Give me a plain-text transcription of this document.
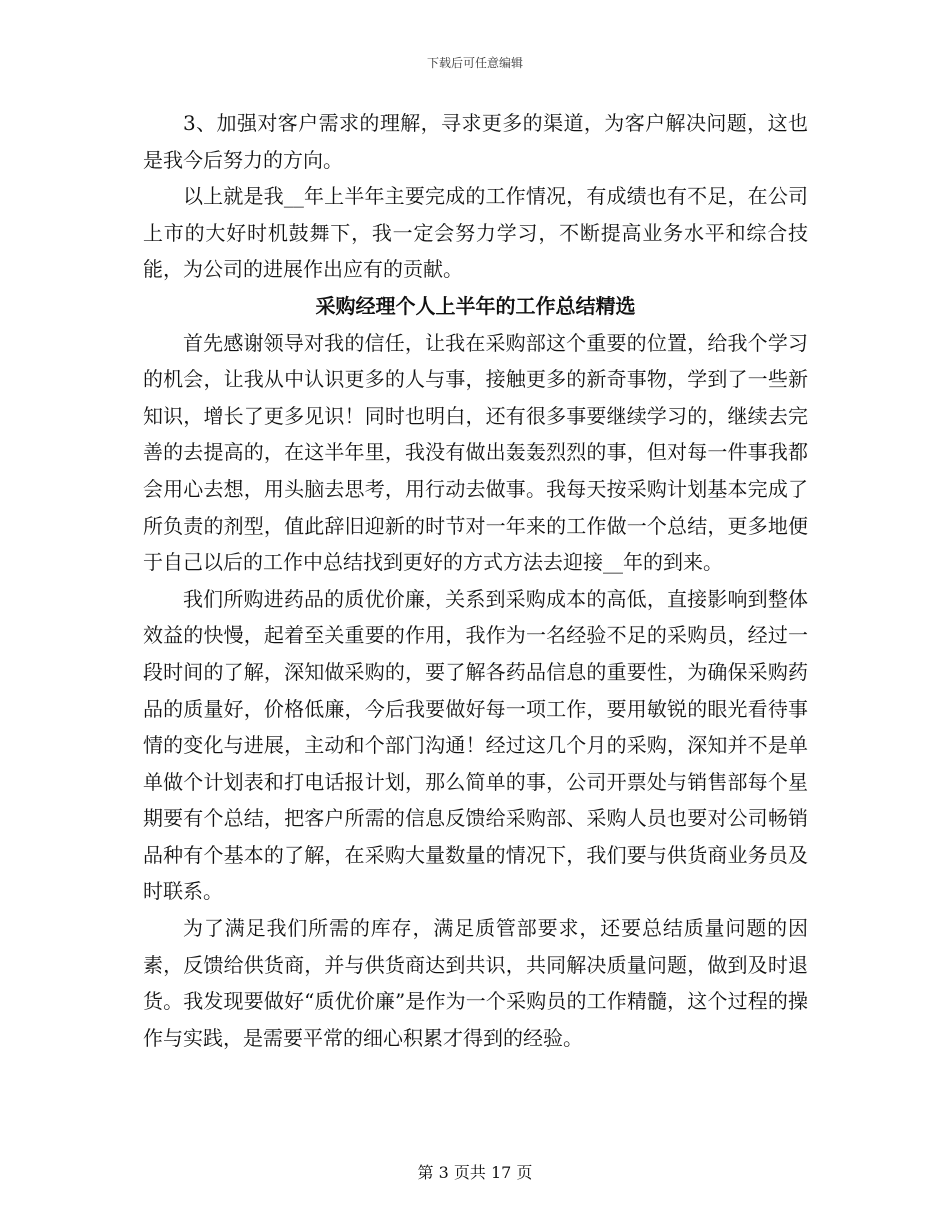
下载后可任意编辑

3、加强对客户需求的理解，寻求更多的渠道，为客户解决问题，这也是我今后努力的方向。

以上就是我__年上半年主要完成的工作情况，有成绩也有不足，在公司上市的大好时机鼓舞下，我一定会努力学习，不断提高业务水平和综合技能，为公司的进展作出应有的贡献。

采购经理个人上半年的工作总结精选

首先感谢领导对我的信任，让我在采购部这个重要的位置，给我个学习的机会，让我从中认识更多的人与事，接触更多的新奇事物，学到了一些新知识，增长了更多见识！同时也明白，还有很多事要继续学习的，继续去完善的去提高的，在这半年里，我没有做出轰轰烈烈的事，但对每一件事我都会用心去想，用头脑去思考，用行动去做事。我每天按采购计划基本完成了所负责的剂型，值此辞旧迎新的时节对一年来的工作做一个总结，更多地便于自己以后的工作中总结找到更好的方式方法去迎接__年的到来。

我们所购进药品的质优价廉，关系到采购成本的高低，直接影响到整体效益的快慢，起着至关重要的作用，我作为一名经验不足的采购员，经过一段时间的了解，深知做采购的，要了解各药品信息的重要性，为确保采购药品的质量好，价格低廉，今后我要做好每一项工作，要用敏锐的眼光看待事情的变化与进展，主动和个部门沟通！经过这几个月的采购，深知并不是单单做个计划表和打电话报计划，那么简单的事，公司开票处与销售部每个星期要有个总结，把客户所需的信息反馈给采购部、采购人员也要对公司畅销品种有个基本的了解，在采购大量数量的情况下，我们要与供货商业务员及时联系。

为了满足我们所需的库存，满足质管部要求，还要总结质量问题的因素，反馈给供货商，并与供货商达到共识，共同解决质量问题，做到及时退货。我发现要做好“质优价廉”是作为一个采购员的工作精髓，这个过程的操作与实践，是需要平常的细心积累才得到的经验。

第 3 页共 17 页
